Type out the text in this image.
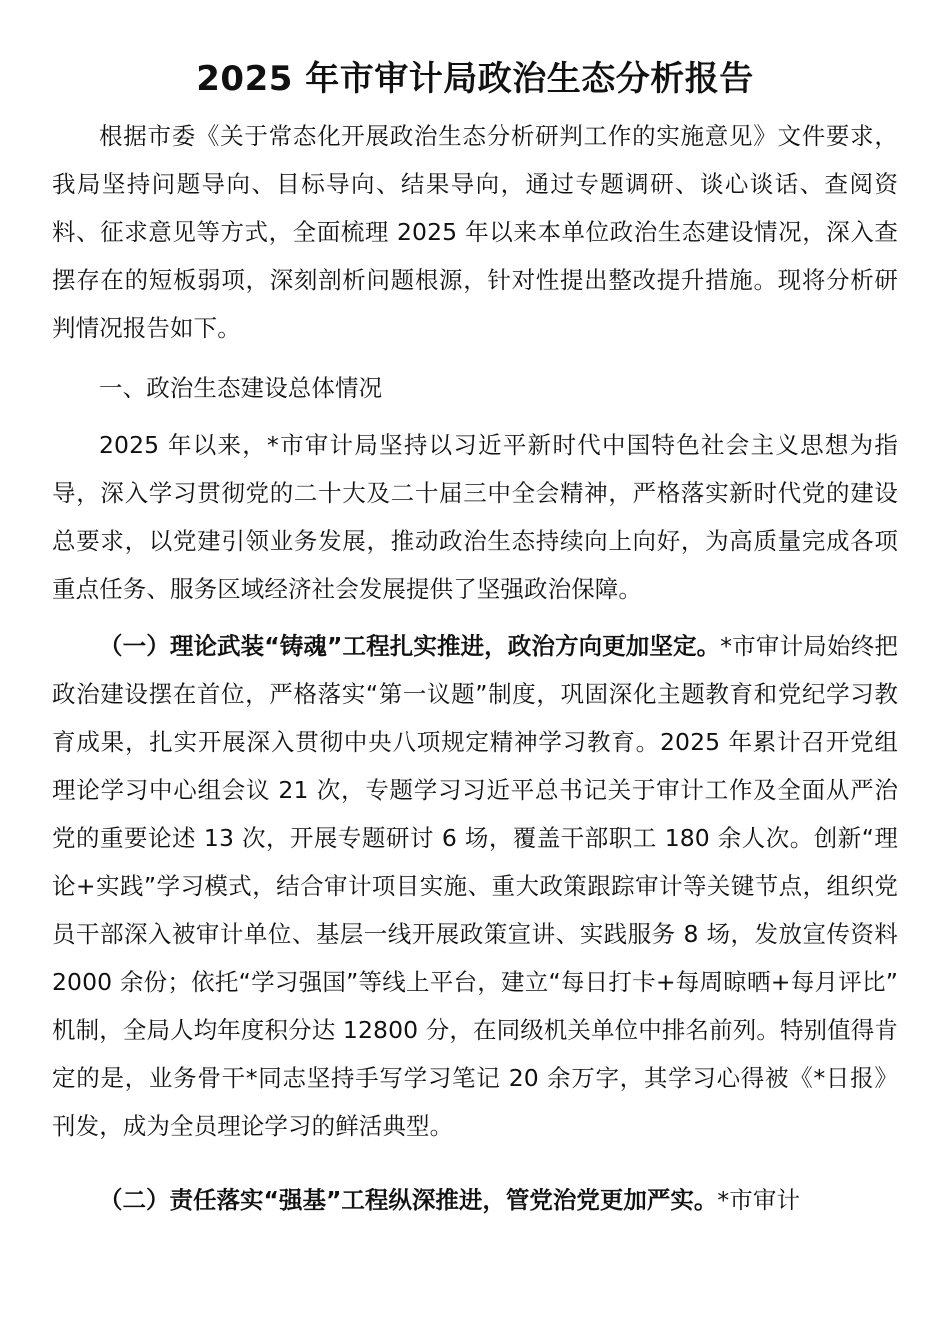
2025 年市审计局政治生态分析报告

根据市委《关于常态化开展政治生态分析研判工作的实施意见》文件要求，我局坚持问题导向、目标导向、结果导向，通过专题调研、谈心谈话、查阅资料、征求意见等方式，全面梳理 2025 年以来本单位政治生态建设情况，深入查摆存在的短板弱项，深刻剖析问题根源，针对性提出整改提升措施。现将分析研判情况报告如下。

一、政治生态建设总体情况

2025 年以来，*市审计局坚持以习近平新时代中国特色社会主义思想为指导，深入学习贯彻党的二十大及二十届三中全会精神，严格落实新时代党的建设总要求，以党建引领业务发展，推动政治生态持续向上向好，为高质量完成各项重点任务、服务区域经济社会发展提供了坚强政治保障。

（一）理论武装“铸魂”工程扎实推进，政治方向更加坚定。*市审计局始终把政治建设摆在首位，严格落实“第一议题”制度，巩固深化主题教育和党纪学习教育成果，扎实开展深入贯彻中央八项规定精神学习教育。2025 年累计召开党组理论学习中心组会议 21 次，专题学习习近平总书记关于审计工作及全面从严治党的重要论述 13 次，开展专题研讨 6 场，覆盖干部职工 180 余人次。创新“理论+实践”学习模式，结合审计项目实施、重大政策跟踪审计等关键节点，组织党员干部深入被审计单位、基层一线开展政策宣讲、实践服务 8 场，发放宣传资料 2000 余份；依托“学习强国”等线上平台，建立“每日打卡+每周晾晒+每月评比”机制，全局人均年度积分达 12800 分，在同级机关单位中排名前列。特别值得肯定的是，业务骨干*同志坚持手写学习笔记 20 余万字，其学习心得被《*日报》刊发，成为全员理论学习的鲜活典型。

（二）责任落实“强基”工程纵深推进，管党治党更加严实。*市审计
